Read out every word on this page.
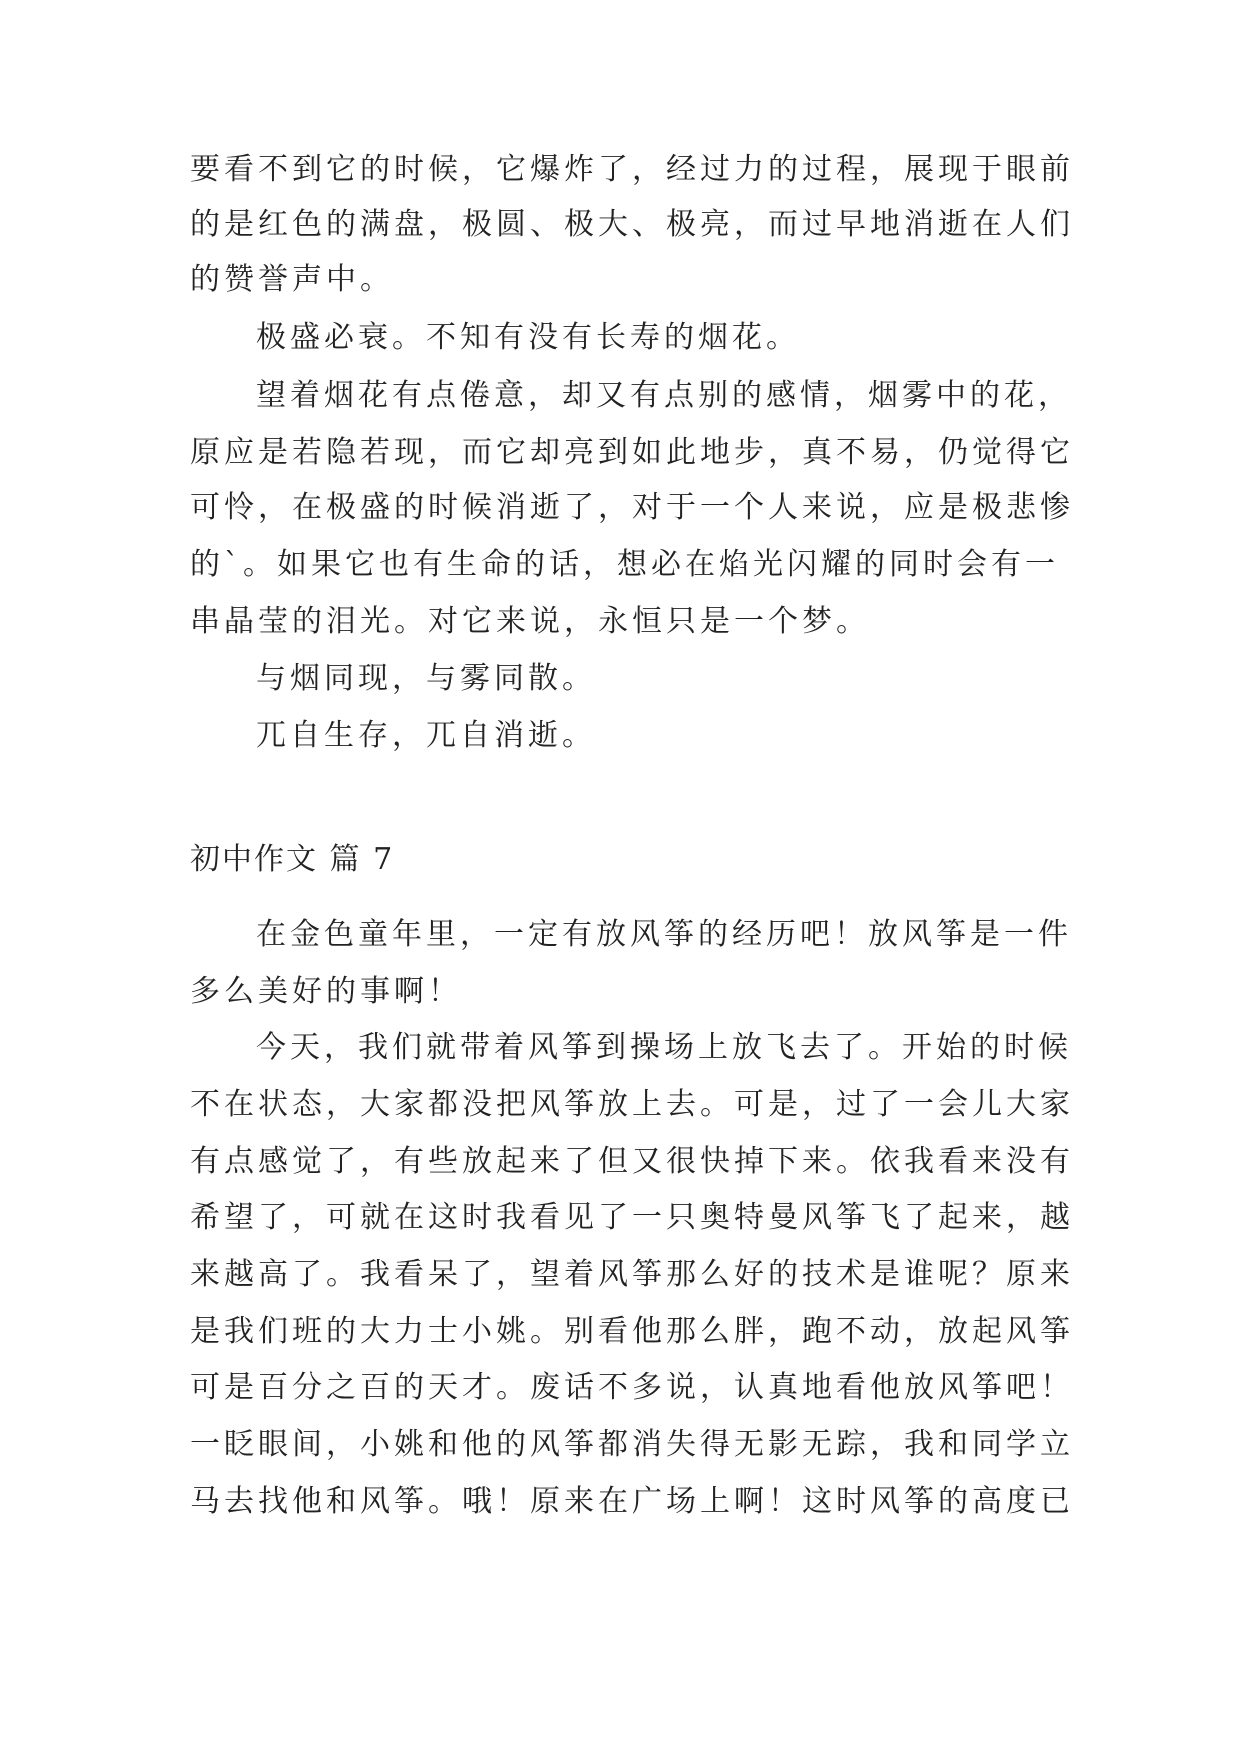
要看不到它的时候，它爆炸了，经过力的过程，展现于眼前
的是红色的满盘，极圆、极大、极亮，而过早地消逝在人们
的赞誉声中。
极盛必衰。不知有没有长寿的烟花。
望着烟花有点倦意，却又有点别的感情，烟雾中的花，
原应是若隐若现，而它却亮到如此地步，真不易，仍觉得它
可怜，在极盛的时候消逝了，对于一个人来说，应是极悲惨
的`。如果它也有生命的话，想必在焰光闪耀的同时会有一
串晶莹的泪光。对它来说，永恒只是一个梦。
与烟同现，与雾同散。
兀自生存，兀自消逝。
初中作文 篇 7
在金色童年里，一定有放风筝的经历吧！放风筝是一件
多么美好的事啊！
今天，我们就带着风筝到操场上放飞去了。开始的时候
不在状态，大家都没把风筝放上去。可是，过了一会儿大家
有点感觉了，有些放起来了但又很快掉下来。依我看来没有
希望了，可就在这时我看见了一只奥特曼风筝飞了起来，越
来越高了。我看呆了，望着风筝那么好的技术是谁呢？原来
是我们班的大力士小姚。别看他那么胖，跑不动，放起风筝
可是百分之百的天才。废话不多说，认真地看他放风筝吧！
一眨眼间，小姚和他的风筝都消失得无影无踪，我和同学立
马去找他和风筝。哦！原来在广场上啊！这时风筝的高度已
